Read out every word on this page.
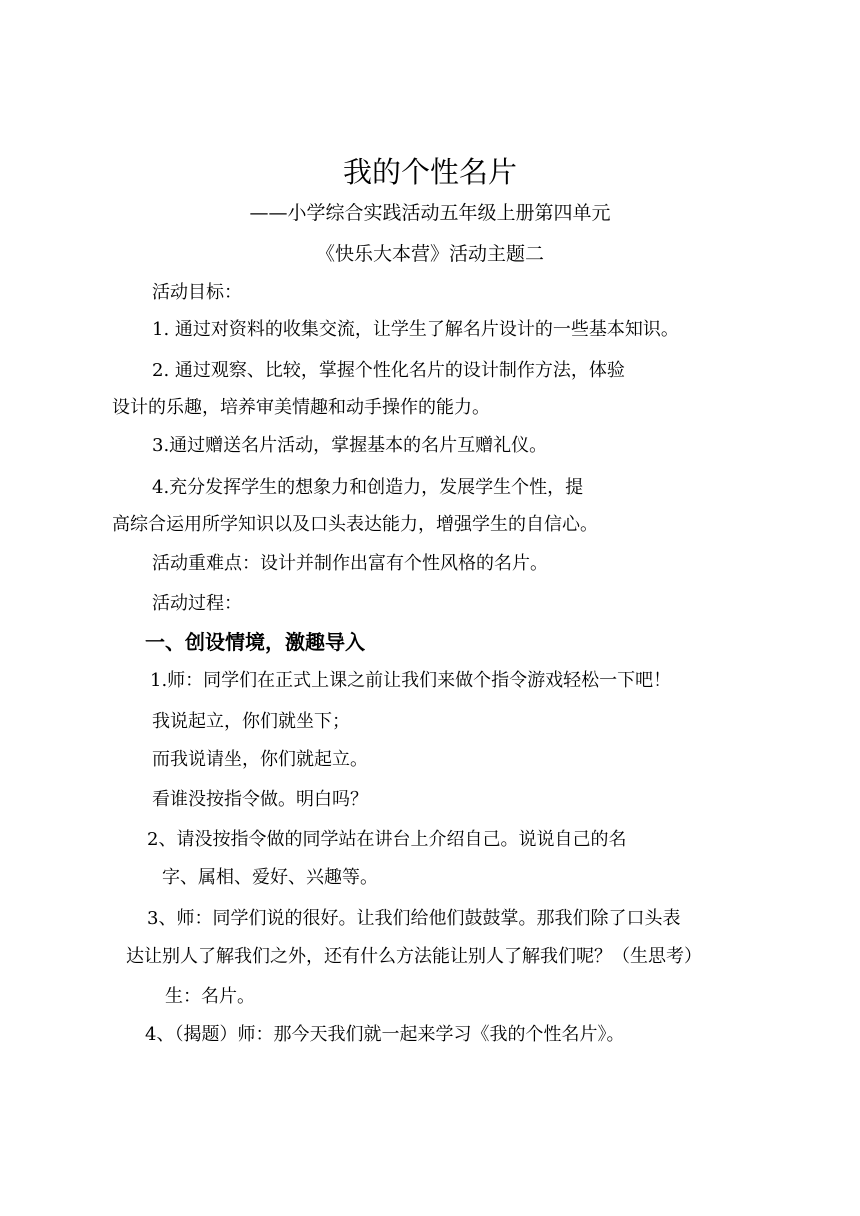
我的个性名片

——小学综合实践活动五年级上册第四单元

《快乐大本营》活动主题二

活动目标：

1. 通过对资料的收集交流，让学生了解名片设计的一些基本知识。

2. 通过观察、比较，掌握个性化名片的设计制作方法，体验

设计的乐趣，培养审美情趣和动手操作的能力。

3.通过赠送名片活动，掌握基本的名片互赠礼仪。

4.充分发挥学生的想象力和创造力，发展学生个性，提

高综合运用所学知识以及口头表达能力，增强学生的自信心。

活动重难点：设计并制作出富有个性风格的名片。

活动过程：

一、创设情境，激趣导入

1.师：同学们在正式上课之前让我们来做个指令游戏轻松一下吧！

我说起立，你们就坐下；

而我说请坐，你们就起立。

看谁没按指令做。明白吗？

2、请没按指令做的同学站在讲台上介绍自己。说说自己的名

字、属相、爱好、兴趣等。

3、师：同学们说的很好。让我们给他们鼓鼓掌。那我们除了口头表

达让别人了解我们之外，还有什么方法能让别人了解我们呢？（生思考）

生：名片。

4、（揭题）师：那今天我们就一起来学习《我的个性名片》。
